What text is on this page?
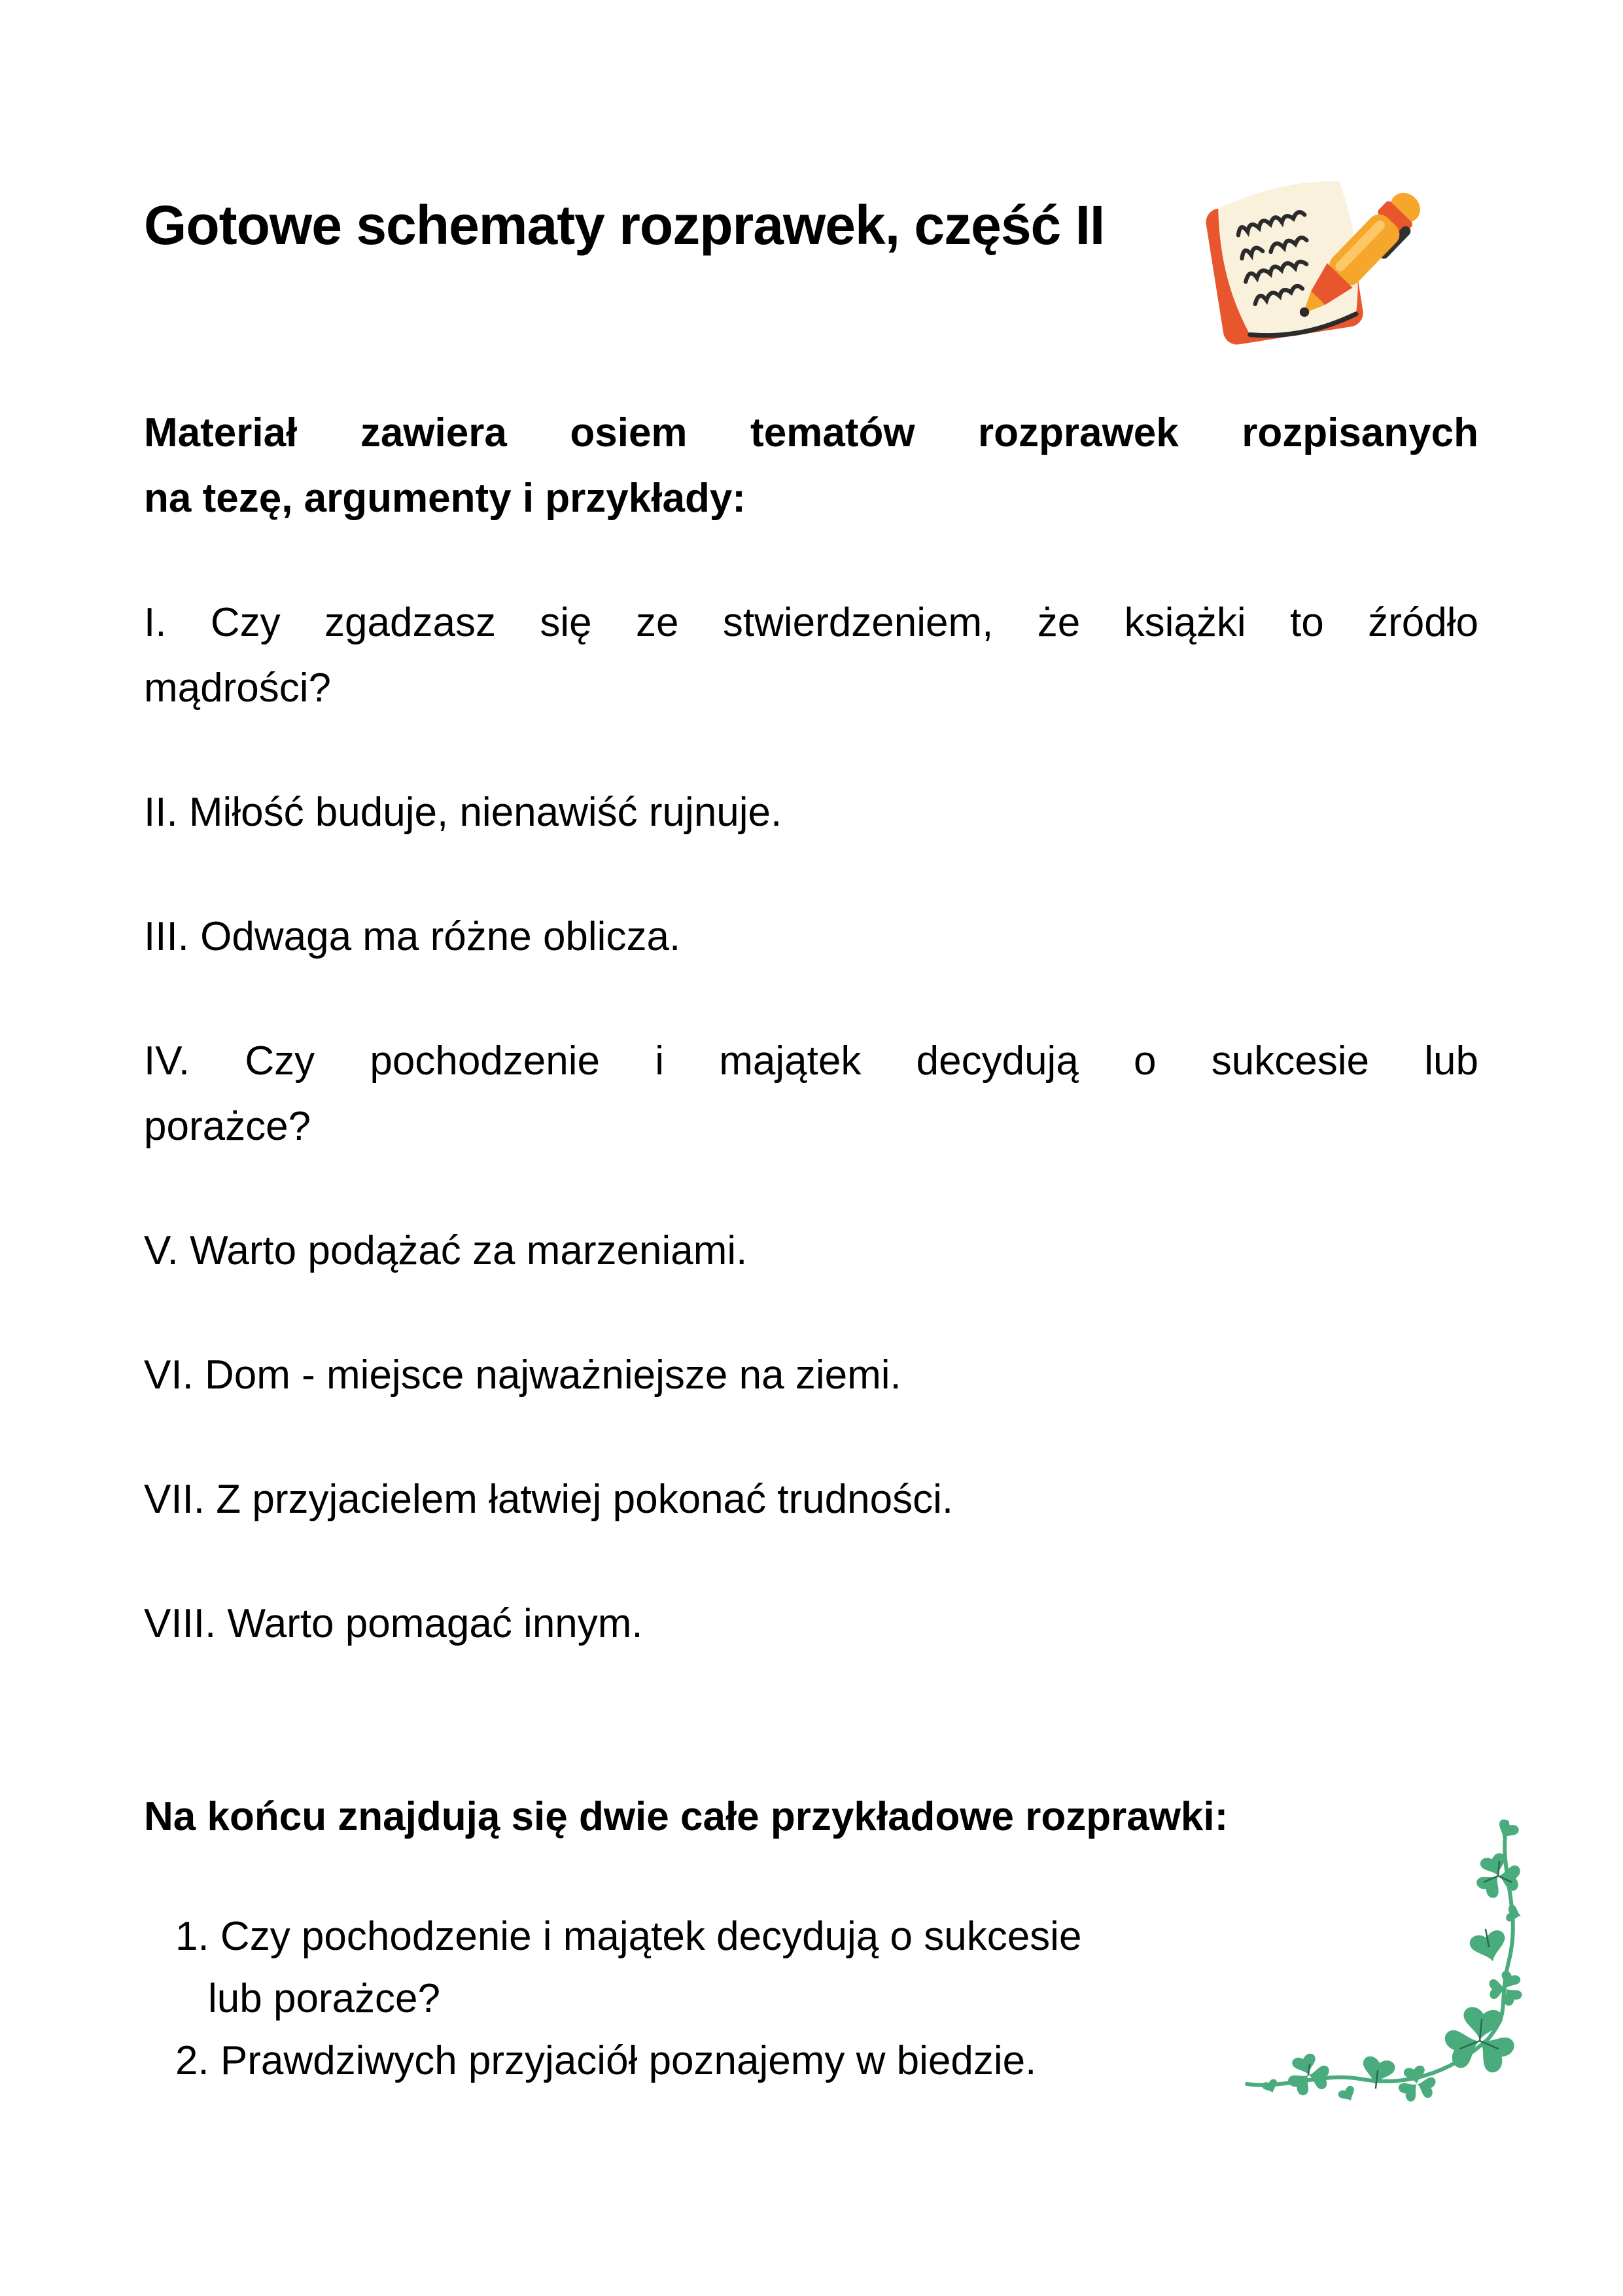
Gotowe schematy rozprawek, część II

Materiał zawiera osiem tematów rozprawek rozpisanych
na tezę, argumenty i przykłady:

I. Czy zgadzasz się ze stwierdzeniem, że książki to źródło
mądrości?

II. Miłość buduje, nienawiść rujnuje.

III. Odwaga ma różne oblicza.

IV. Czy pochodzenie i majątek decydują o sukcesie lub
porażce?

V. Warto podążać za marzeniami.

VI. Dom - miejsce najważniejsze na ziemi.

VII. Z przyjacielem łatwiej pokonać trudności.

VIII. Warto pomagać innym.

Na końcu znajdują się dwie całe przykładowe rozprawki:

1. Czy pochodzenie i majątek decydują o sukcesie
lub porażce?

2. Prawdziwych przyjaciół poznajemy w biedzie.
